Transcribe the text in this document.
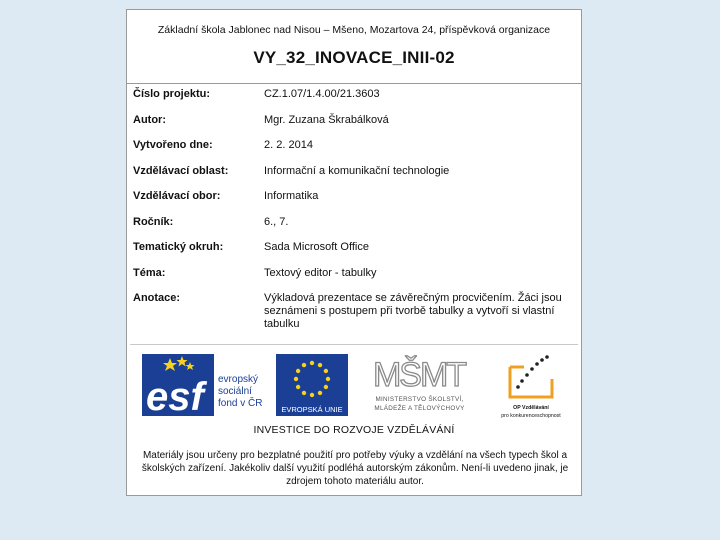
Základní škola Jablonec nad Nisou – Mšeno, Mozartova 24, příspěvková organizace
VY_32_INOVACE_INII-02
Číslo projektu:	CZ.1.07/1.4.00/21.3603
Autor:	Mgr. Zuzana Škrabálková
Vytvořeno dne:	2. 2. 2014
Vzdělávací oblast:	Informační a komunikační technologie
Vzdělávací obor:	Informatika
Ročník:	6., 7.
Tematický okruh:	Sada Microsoft Office
Téma:	Textový editor - tabulky
Anotace:	Výkladová prezentace se závěrečným procvičením. Žáci jsou seznámeni s postupem při tvorbě tabulky a vytvoří si vlastní tabulku
esf	evropský
sociální
fond v ČR
EVROPSKÁ UNIE
MŠMT
MINISTERSTVO ŠKOLSTVÍ,
MLÁDEŽE A TĚLOVÝCHOVY	OP Vzdělávání
pro konkurenceschopnost
INVESTICE DO ROZVOJE VZDĚLÁVÁNÍ
Materiály jsou určeny pro bezplatné použití pro potřeby výuky a vzdělání na všech typech škol a školských zařízení. Jakékoliv další využití podléhá autorským zákonům. Není-li uvedeno jinak, je zdrojem tohoto materiálu autor.
